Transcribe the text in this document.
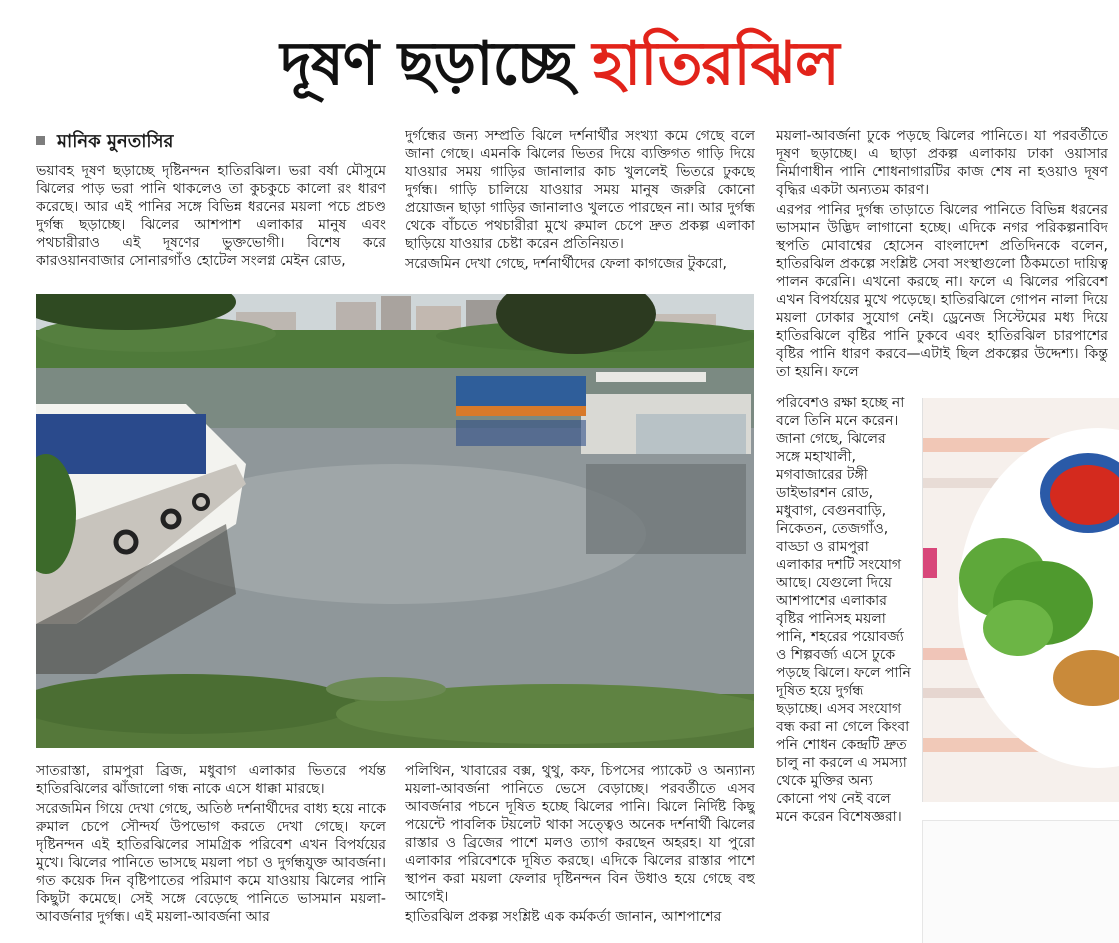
দূষণ ছড়াচ্ছে হাতিরঝিল
মানিক মুনতাসির

ভয়াবহ দূষণ ছড়াচ্ছে দৃষ্টিনন্দন হাতিরঝিল। ভরা বর্ষা মৌসুমে ঝিলের পাড় ভরা পানি থাকলেও তা কুচকুচে কালো রং ধারণ করেছে। আর এই পানির সঙ্গে বিভিন্ন ধরনের ময়লা পচে প্রচণ্ড দুর্গন্ধ ছড়াচ্ছে। ঝিলের আশপাশ এলাকার মানুষ এবং পথচারীরাও এই দূষণের ভুক্তভোগী। বিশেষ করে কারওয়ানবাজার সোনারগাঁও হোটেল সংলগ্ন মেইন রোড,

দুর্গন্ধের জন্য সম্প্রতি ঝিলে দর্শনার্থীর সংখ্যা কমে গেছে বলে জানা গেছে। এমনকি ঝিলের ভিতর দিয়ে ব্যক্তিগত গাড়ি দিয়ে যাওয়ার সময় গাড়ির জানালার কাচ খুললেই ভিতরে ঢুকছে দুর্গন্ধ। গাড়ি চালিয়ে যাওয়ার সময় মানুষ জরুরি কোনো প্রয়োজন ছাড়া গাড়ির জানালাও খুলতে পারছেন না। আর দুর্গন্ধ থেকে বাঁচতে পথচারীরা মুখে রুমাল চেপে দ্রুত প্রকল্প এলাকা ছাড়িয়ে যাওয়ার চেষ্টা করেন প্রতিনিয়ত।

সরেজমিন দেখা গেছে, দর্শনার্থীদের ফেলা কাগজের টুকরো,

ময়লা-আবর্জনা ঢুকে পড়ছে ঝিলের পানিতে। যা পরবর্তীতে দূষণ ছড়াচ্ছে। এ ছাড়া প্রকল্প এলাকায় ঢাকা ওয়াসার নির্মাণাধীন পানি শোধনাগারটির কাজ শেষ না হওয়াও দূষণ বৃদ্ধির একটা অন্যতম কারণ।

এরপর পানির দুর্গন্ধ তাড়াতে ঝিলের পানিতে বিভিন্ন ধরনের ভাসমান উদ্ভিদ লাগানো হচ্ছে। এদিকে নগর পরিকল্পনাবিদ স্থপতি মোবাশ্বের হোসেন বাংলাদেশ প্রতিদিনকে বলেন, হাতিরঝিল প্রকল্পে সংশ্লিষ্ট সেবা সংস্থাগুলো ঠিকমতো দায়িত্ব পালন করেনি। এখনো করছে না। ফলে এ ঝিলের পরিবেশ এখন বিপর্যয়ের মুখে পড়েছে। হাতিরঝিলে গোপন নালা দিয়ে ময়লা ঢোকার সুযোগ নেই। ড্রেনেজ সিস্টেমের মধ্য দিয়ে হাতিরঝিলে বৃষ্টির পানি ঢুকবে এবং হাতিরঝিল চারপাশের বৃষ্টির পানি ধারণ করবে—এটাই ছিল প্রকল্পের উদ্দেশ্য। কিন্তু তা হয়নি। ফলে

পরিবেশও রক্ষা হচ্ছে না বলে তিনি মনে করেন। জানা গেছে, ঝিলের সঙ্গে মহাখালী, মগবাজারের টঙ্গী ডাইভারশন রোড, মধুবাগ, বেগুনবাড়ি, নিকেতন, তেজগাঁও, বাড্ডা ও রামপুরা এলাকার দশটি সংযোগ আছে। যেগুলো দিয়ে আশপাশের এলাকার বৃষ্টির পানিসহ ময়লা পানি, শহরের পয়োবর্জ্য ও শিল্পবর্জ্য এসে ঢুকে পড়ছে ঝিলে। ফলে পানি দূষিত হয়ে দুর্গন্ধ ছড়াচ্ছে। এসব সংযোগ বন্ধ করা না গেলে কিংবা পনি শোধন কেন্দ্রটি দ্রুত চালু না করলে এ সমস্যা থেকে মুক্তির অন্য কোনো পথ নেই বলে মনে করেন বিশেষজ্ঞরা।

সাতরাস্তা, রামপুরা ব্রিজ, মধুবাগ এলাকার ভিতরে পর্যন্ত হাতিরঝিলের ঝাঁজালো গন্ধ নাকে এসে ধাক্কা মারছে।

সরেজমিন গিয়ে দেখা গেছে, অতিষ্ঠ দর্শনার্থীদের বাধ্য হয়ে নাকে রুমাল চেপে সৌন্দর্য উপভোগ করতে দেখা গেছে। ফলে দৃষ্টিনন্দন এই হাতিরঝিলের সামগ্রিক পরিবেশ এখন বিপর্যয়ের মুখে। ঝিলের পানিতে ভাসছে ময়লা পচা ও দুর্গন্ধযুক্ত আবর্জনা। গত কয়েক দিন বৃষ্টিপাতের পরিমাণ কমে যাওয়ায় ঝিলের পানি কিছুটা কমেছে। সেই সঙ্গে বেড়েছে পানিতে ভাসমান ময়লা-আবর্জনার দুর্গন্ধ। এই ময়লা-আবর্জনা আর

পলিথিন, খাবারের বক্স, থুথু, কফ, চিপসের প্যাকেট ও অন্যান্য ময়লা-আবর্জনা পানিতে ভেসে বেড়াচ্ছে। পরবর্তীতে এসব আবর্জনার পচনে দূষিত হচ্ছে ঝিলের পানি। ঝিলে নির্দিষ্ট কিছু পয়েন্টে পাবলিক টয়লেট থাকা সত্ত্বেও অনেক দর্শনার্থী ঝিলের রাস্তার ও ব্রিজের পাশে মলও ত্যাগ করছেন অহরহ। যা পুরো এলাকার পরিবেশকে দূষিত করছে। এদিকে ঝিলের রাস্তার পাশে স্থাপন করা ময়লা ফেলার দৃষ্টিনন্দন বিন উধাও হয়ে গেছে বহু আগেই।

হাতিরঝিল প্রকল্প সংশ্লিষ্ট এক কর্মকর্তা জানান, আশপাশের
